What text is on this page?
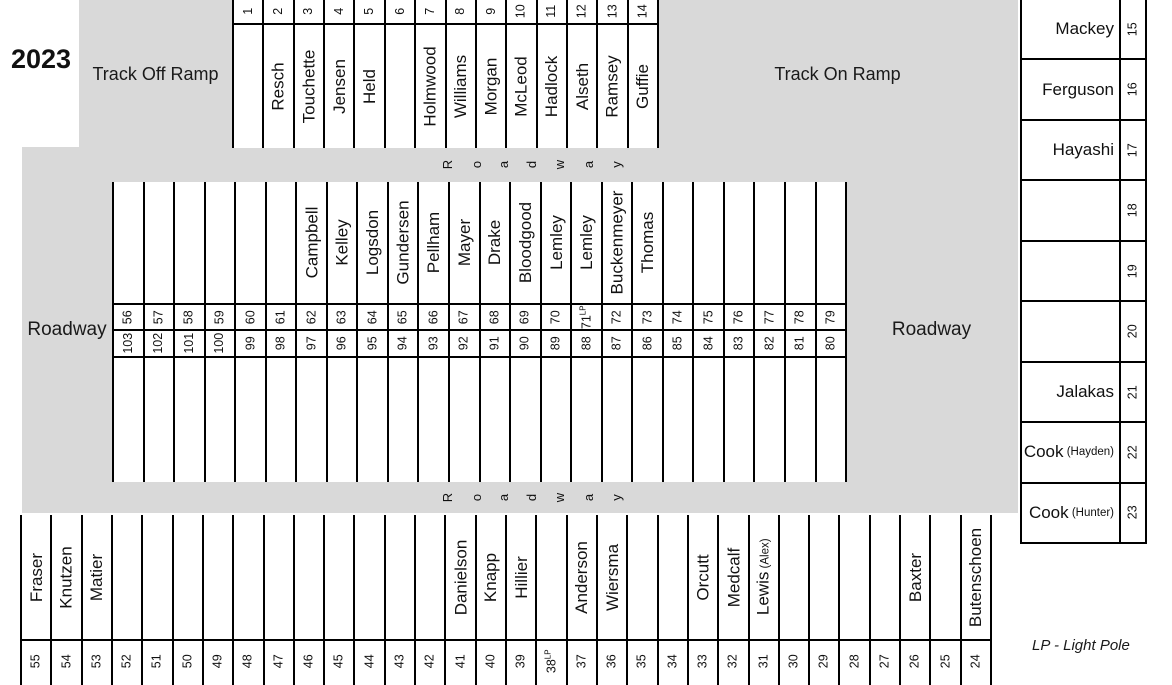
2023 Track Off Ramp	Track On Ramp
Roadway	Roadway
R o a d w a y
R o a d w a y
1 2
Resch
3
Touchette
4
Jensen
5
Held
6 7
Holmwood
8
Williams
9
Morgan
10
McLeod
11
Hadlock
12
Alseth
13
Ramsey
14
Guffie
56
103
57
102
58
101
59
100
60
99
61
98
Campbell
62
97
Kelley
63
96
Logsdon
64
95
Gundersen
65
94
Pellham
66
93
Mayer
67
92
Drake
68
91
Bloodgood
69
90
Lemley
70
89
Lemley
$71^{LP}$
88
Buckenmeyer
72
87
Thomas
73
86
74
85
75
84
76
83
77
82
78
81
79
80
Fraser
55
Knutzen
54
Matier
53 52 51 50 49 48 47 46 45 44 43 42
Danielson
41
Knapp
40
Hillier
39 $38^{LP}$
Anderson
37
Wiersma
36 35 34
Orcutt
33
Medcalf
32
Lewis (Alex)
31 30 29 28 27
Baxter
26 25
Butenschoen
24
Mackey 15
Ferguson 16
Hayashi 17
18
19
20
Jalakas 21
Cook (Hayden) 22
Cook (Hunter) 23
LP - Light Pole
